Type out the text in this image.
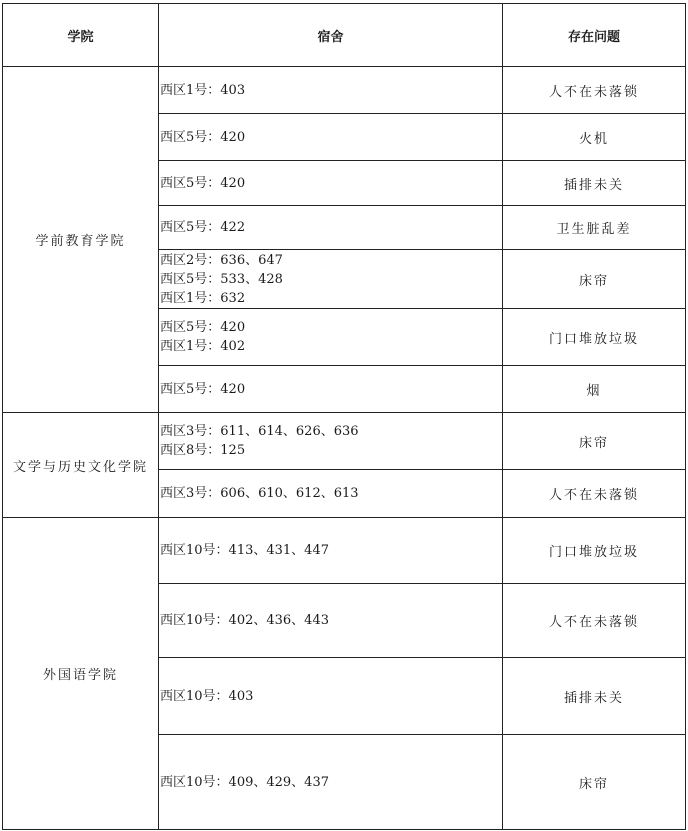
学院	宿舍	存在问题
学前教育学院	西区1号：403	人不在未落锁

	西区5号：420	火机

	西区5号：420	插排未关

	西区5号：422	卫生脏乱差

	西区2号：636、647
西区5号：533、428
西区1号：632	床帘

	西区5号：420
西区1号：402	门口堆放垃圾

	西区5号：420	烟
文学与历史文化学院	西区3号：611、614、626、636
西区8号：125	床帘

	西区3号：606、610、612、613	人不在未落锁
外国语学院	西区10号：413、431、447	门口堆放垃圾

	西区10号：402、436、443	人不在未落锁

	西区10号：403	插排未关

	西区10号：409、429、437	床帘
